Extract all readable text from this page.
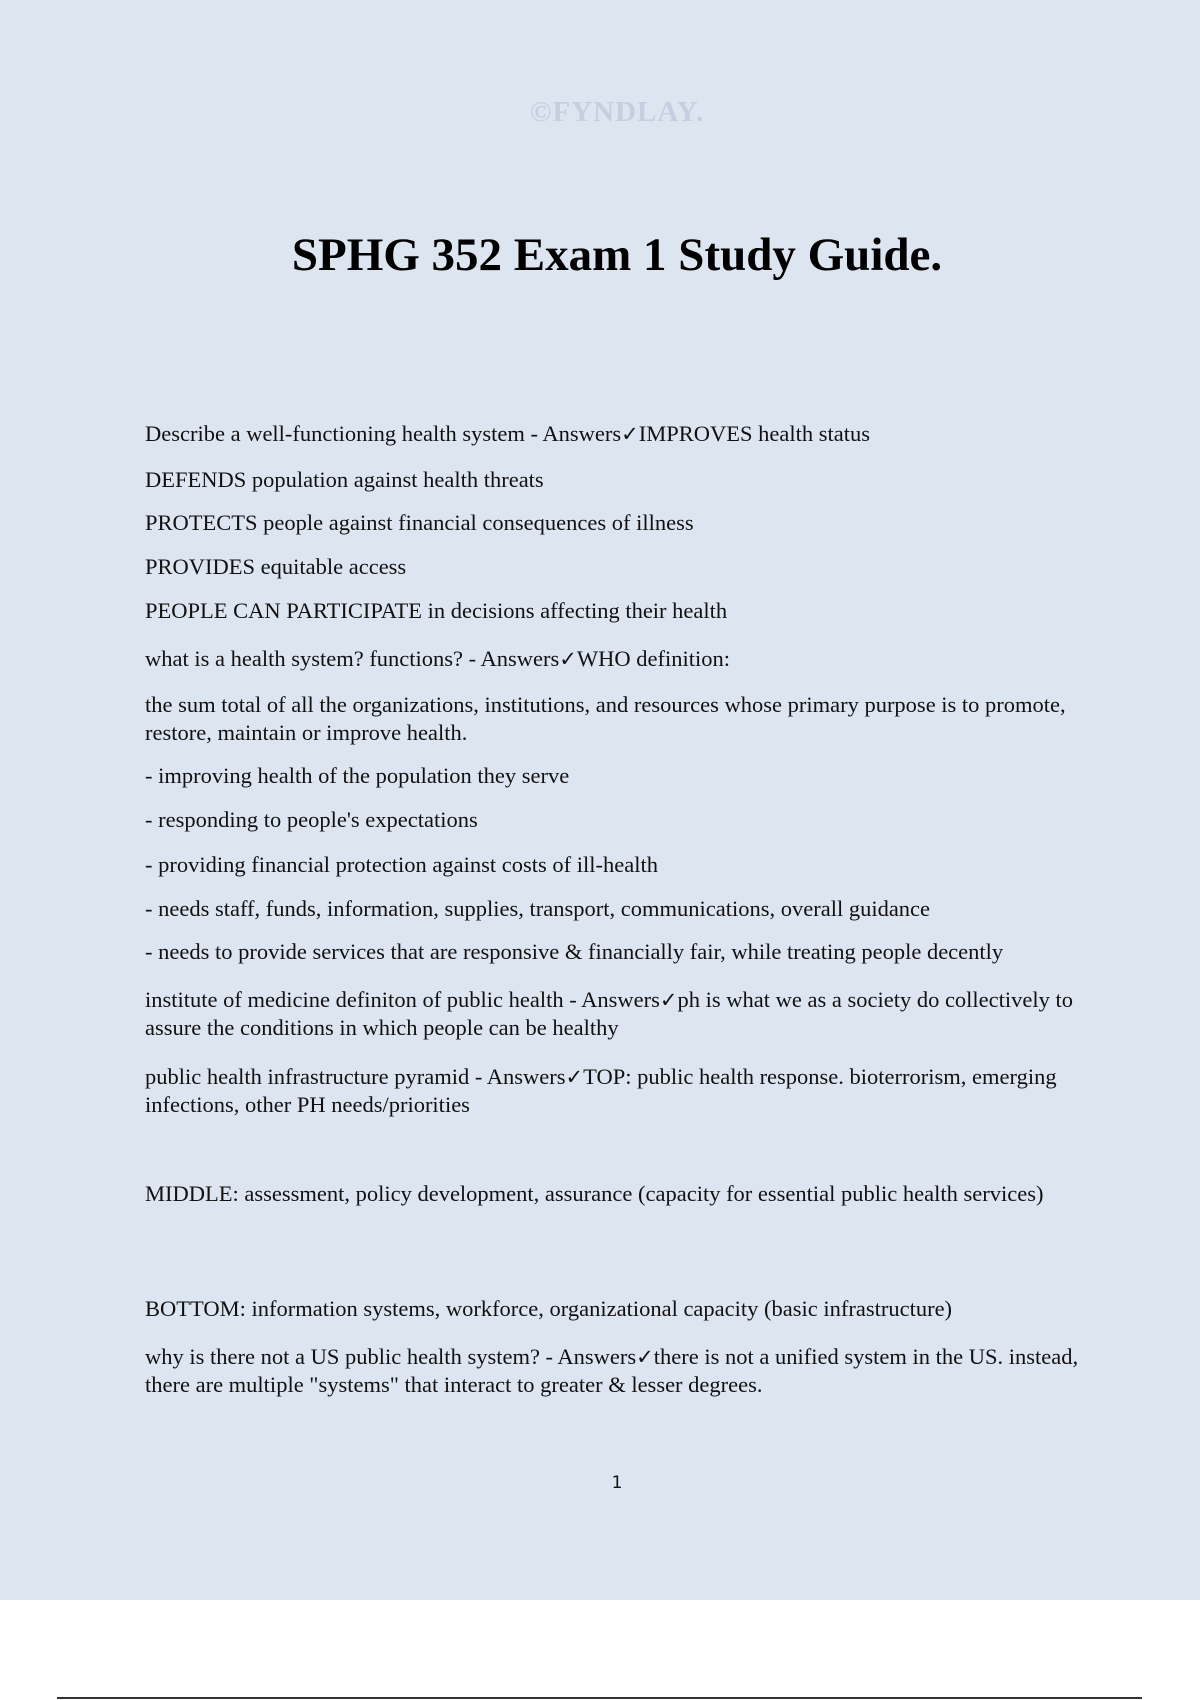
©FYNDLAY.
SPHG 352 Exam 1 Study Guide.

Describe a well-functioning health system - Answers✓IMPROVES health status

DEFENDS population against health threats

PROTECTS people against financial consequences of illness

PROVIDES equitable access

PEOPLE CAN PARTICIPATE in decisions affecting their health

what is a health system? functions? - Answers✓WHO definition:

the sum total of all the organizations, institutions, and resources whose primary purpose is to promote, restore, maintain or improve health.

- improving health of the population they serve

- responding to people's expectations

- providing financial protection against costs of ill-health

- needs staff, funds, information, supplies, transport, communications, overall guidance

- needs to provide services that are responsive & financially fair, while treating people decently

institute of medicine definiton of public health - Answers✓ph is what we as a society do collectively to assure the conditions in which people can be healthy

public health infrastructure pyramid - Answers✓TOP: public health response. bioterrorism, emerging infections, other PH needs/priorities

MIDDLE: assessment, policy development, assurance (capacity for essential public health services)

BOTTOM: information systems, workforce, organizational capacity (basic infrastructure)

why is there not a US public health system? - Answers✓there is not a unified system in the US. instead, there are multiple "systems" that interact to greater & lesser degrees.

1
